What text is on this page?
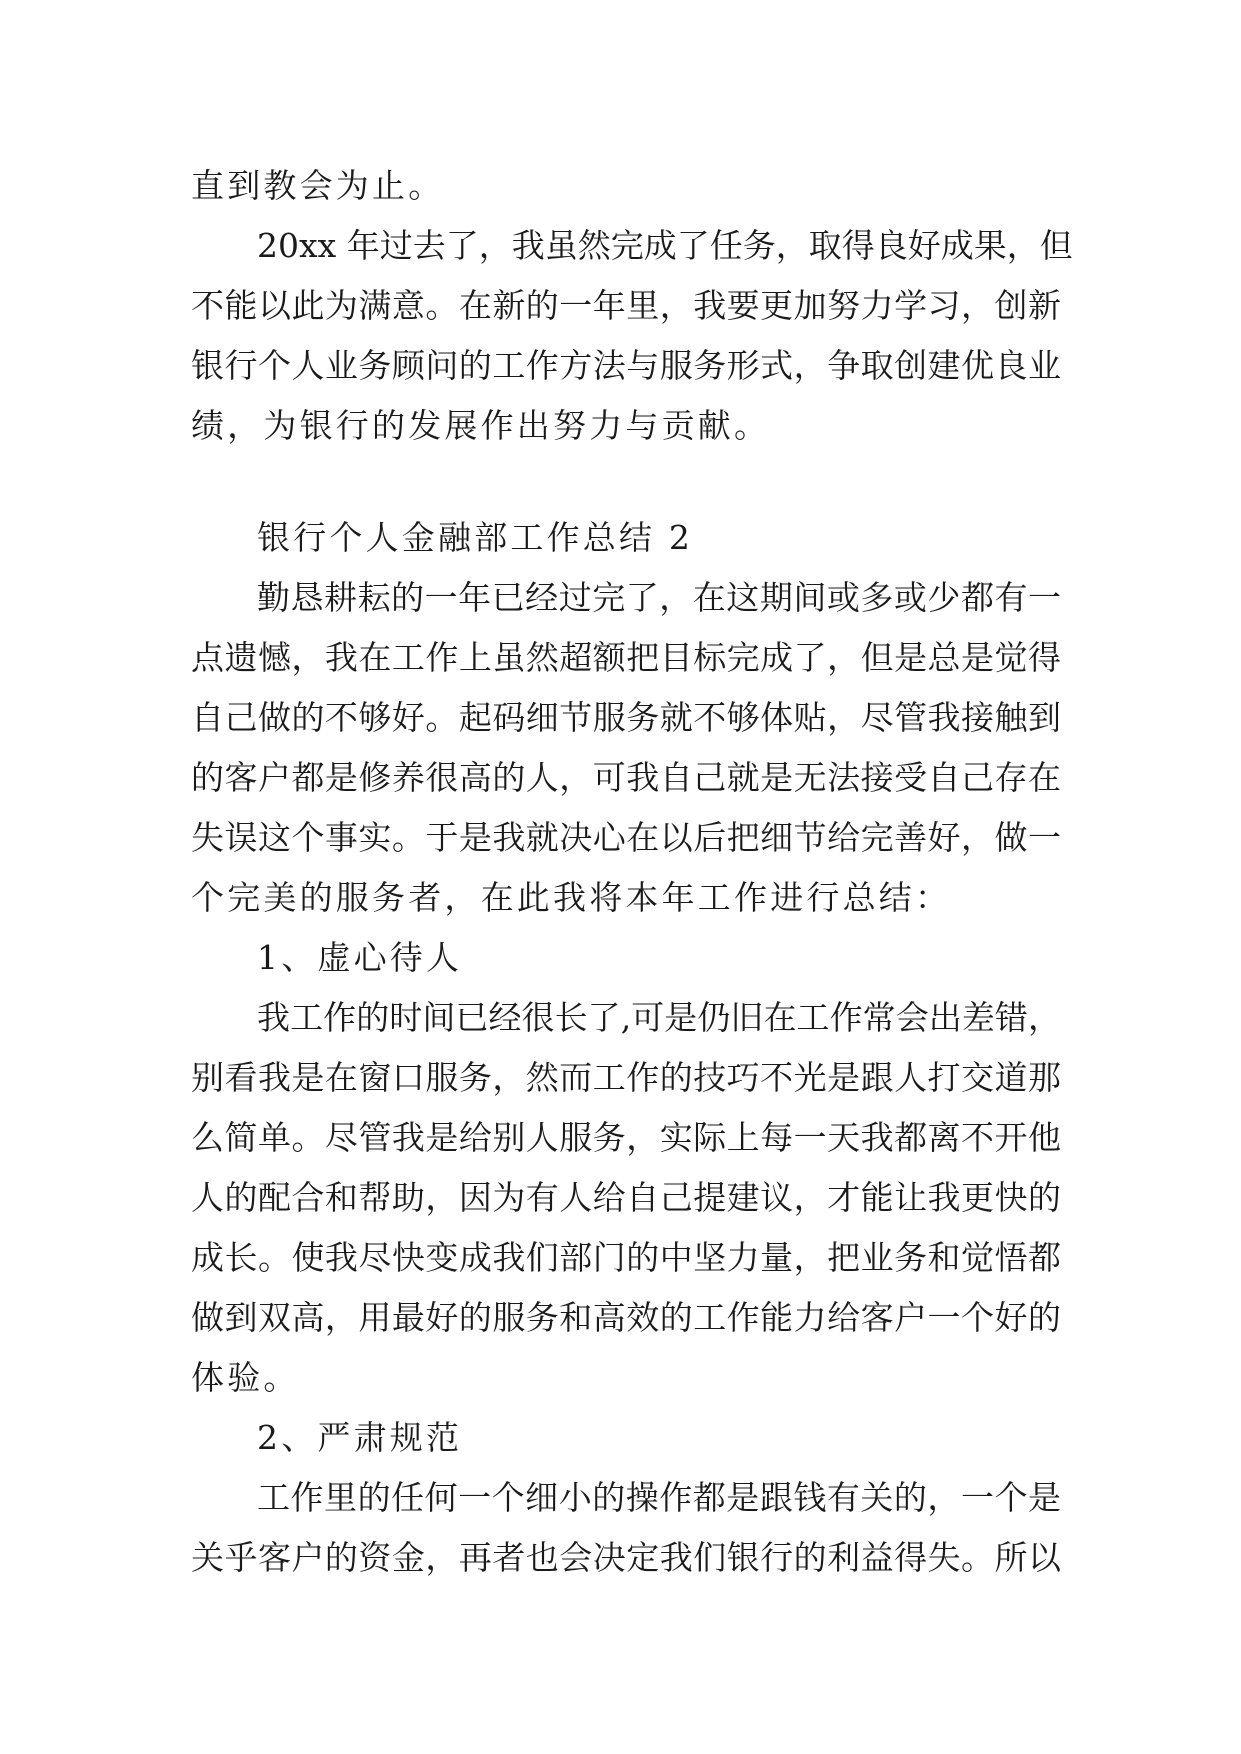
直到教会为止。
20xx 年过去了，我虽然完成了任务，取得良好成果，但
不能以此为满意。在新的一年里，我要更加努力学习，创新
银行个人业务顾问的工作方法与服务形式，争取创建优良业
绩，为银行的发展作出努力与贡献。
银行个人金融部工作总结 2
勤恳耕耘的一年已经过完了，在这期间或多或少都有一
点遗憾，我在工作上虽然超额把目标完成了，但是总是觉得
自己做的不够好。起码细节服务就不够体贴，尽管我接触到
的客户都是修养很高的人，可我自己就是无法接受自己存在
失误这个事实。于是我就决心在以后把细节给完善好，做一
个完美的服务者，在此我将本年工作进行总结：
1、虚心待人
我工作的时间已经很长了,可是仍旧在工作常会出差错，
别看我是在窗口服务，然而工作的技巧不光是跟人打交道那
么简单。尽管我是给别人服务，实际上每一天我都离不开他
人的配合和帮助，因为有人给自己提建议，才能让我更快的
成长。使我尽快变成我们部门的中坚力量，把业务和觉悟都
做到双高，用最好的服务和高效的工作能力给客户一个好的
体验。
2、严肃规范
工作里的任何一个细小的操作都是跟钱有关的，一个是
关乎客户的资金，再者也会决定我们银行的利益得失。所以
